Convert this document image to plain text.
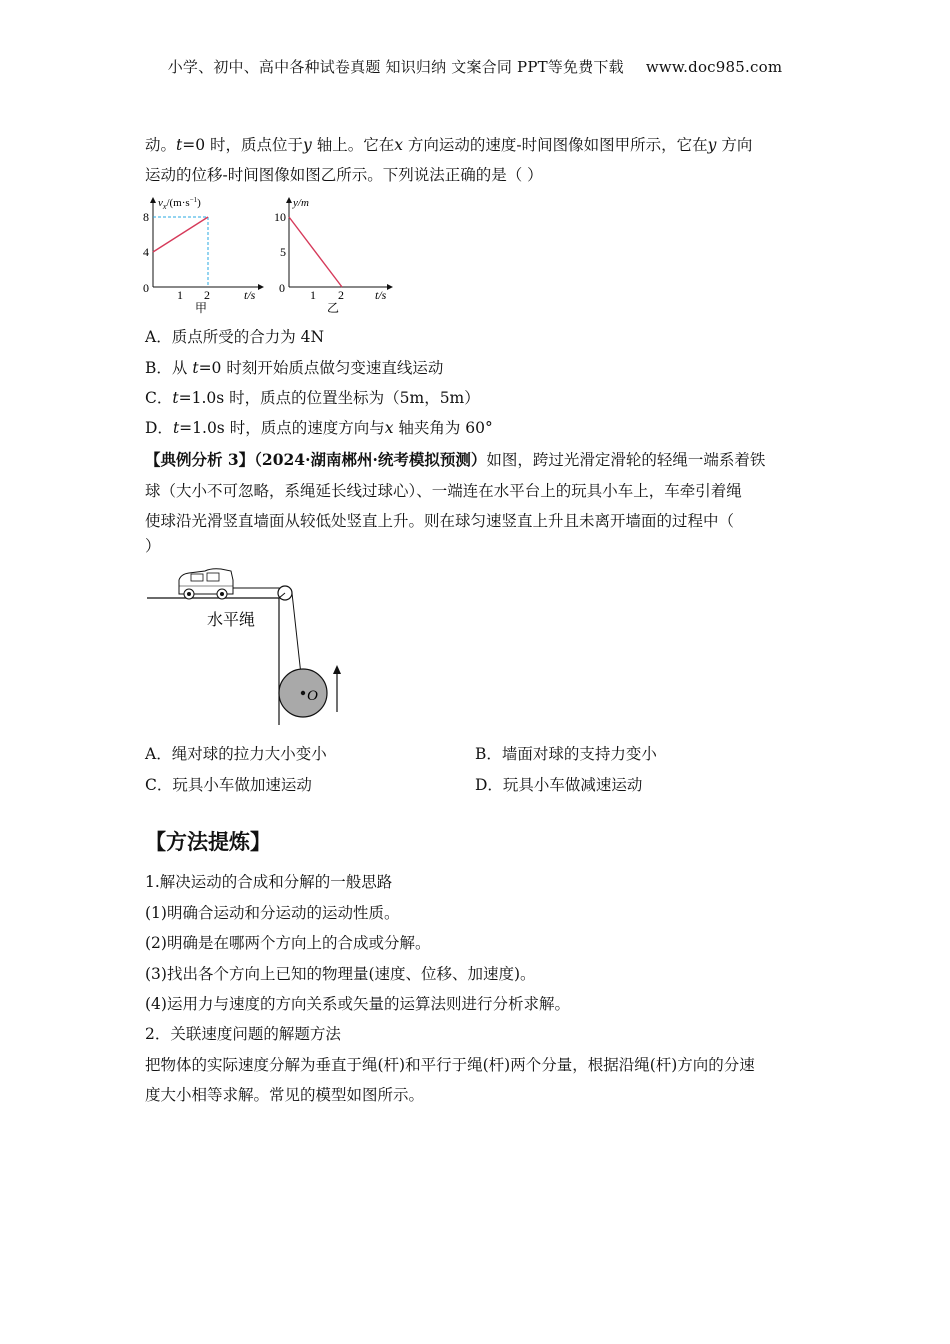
小学、初中、高中各种试卷真题 知识归纳 文案合同 PPT等免费下载 www.doc985.com
动。t=0 时，质点位于y 轴上。它在x 方向运动的速度-时间图像如图甲所示，它在y 方向
运动的位移-时间图像如图乙所示。下列说法正确的是（ ）
$v_x/(m\cdot s^{-1})$
8
4
0 1 2	t/s
甲
y/m
10
5
0 1 2	t/s
乙
A．质点所受的合力为 4N
B．从 t=0 时刻开始质点做匀变速直线运动
C．t=1.0s 时，质点的位置坐标为（5m，5m）
D．t=1.0s 时，质点的速度方向与x 轴夹角为 60°
【典例分析 3】（2024·湖南郴州·统考模拟预测）如图，跨过光滑定滑轮的轻绳一端系着铁
球（大小不可忽略，系绳延长线过球心）、一端连在水平台上的玩具小车上，车牵引着绳
使球沿光滑竖直墙面从较低处竖直上升。则在球匀速竖直上升且未离开墙面的过程中（
）
O
水平绳
A．绳对球的拉力大小变小	B．墙面对球的支持力变小
C．玩具小车做加速运动	D．玩具小车做减速运动
【方法提炼】
1.解决运动的合成和分解的一般思路
(1)明确合运动和分运动的运动性质。
(2)明确是在哪两个方向上的合成或分解。
(3)找出各个方向上已知的物理量(速度、位移、加速度)。
(4)运用力与速度的方向关系或矢量的运算法则进行分析求解。
2．关联速度问题的解题方法
把物体的实际速度分解为垂直于绳(杆)和平行于绳(杆)两个分量，根据沿绳(杆)方向的分速
度大小相等求解。常见的模型如图所示。
